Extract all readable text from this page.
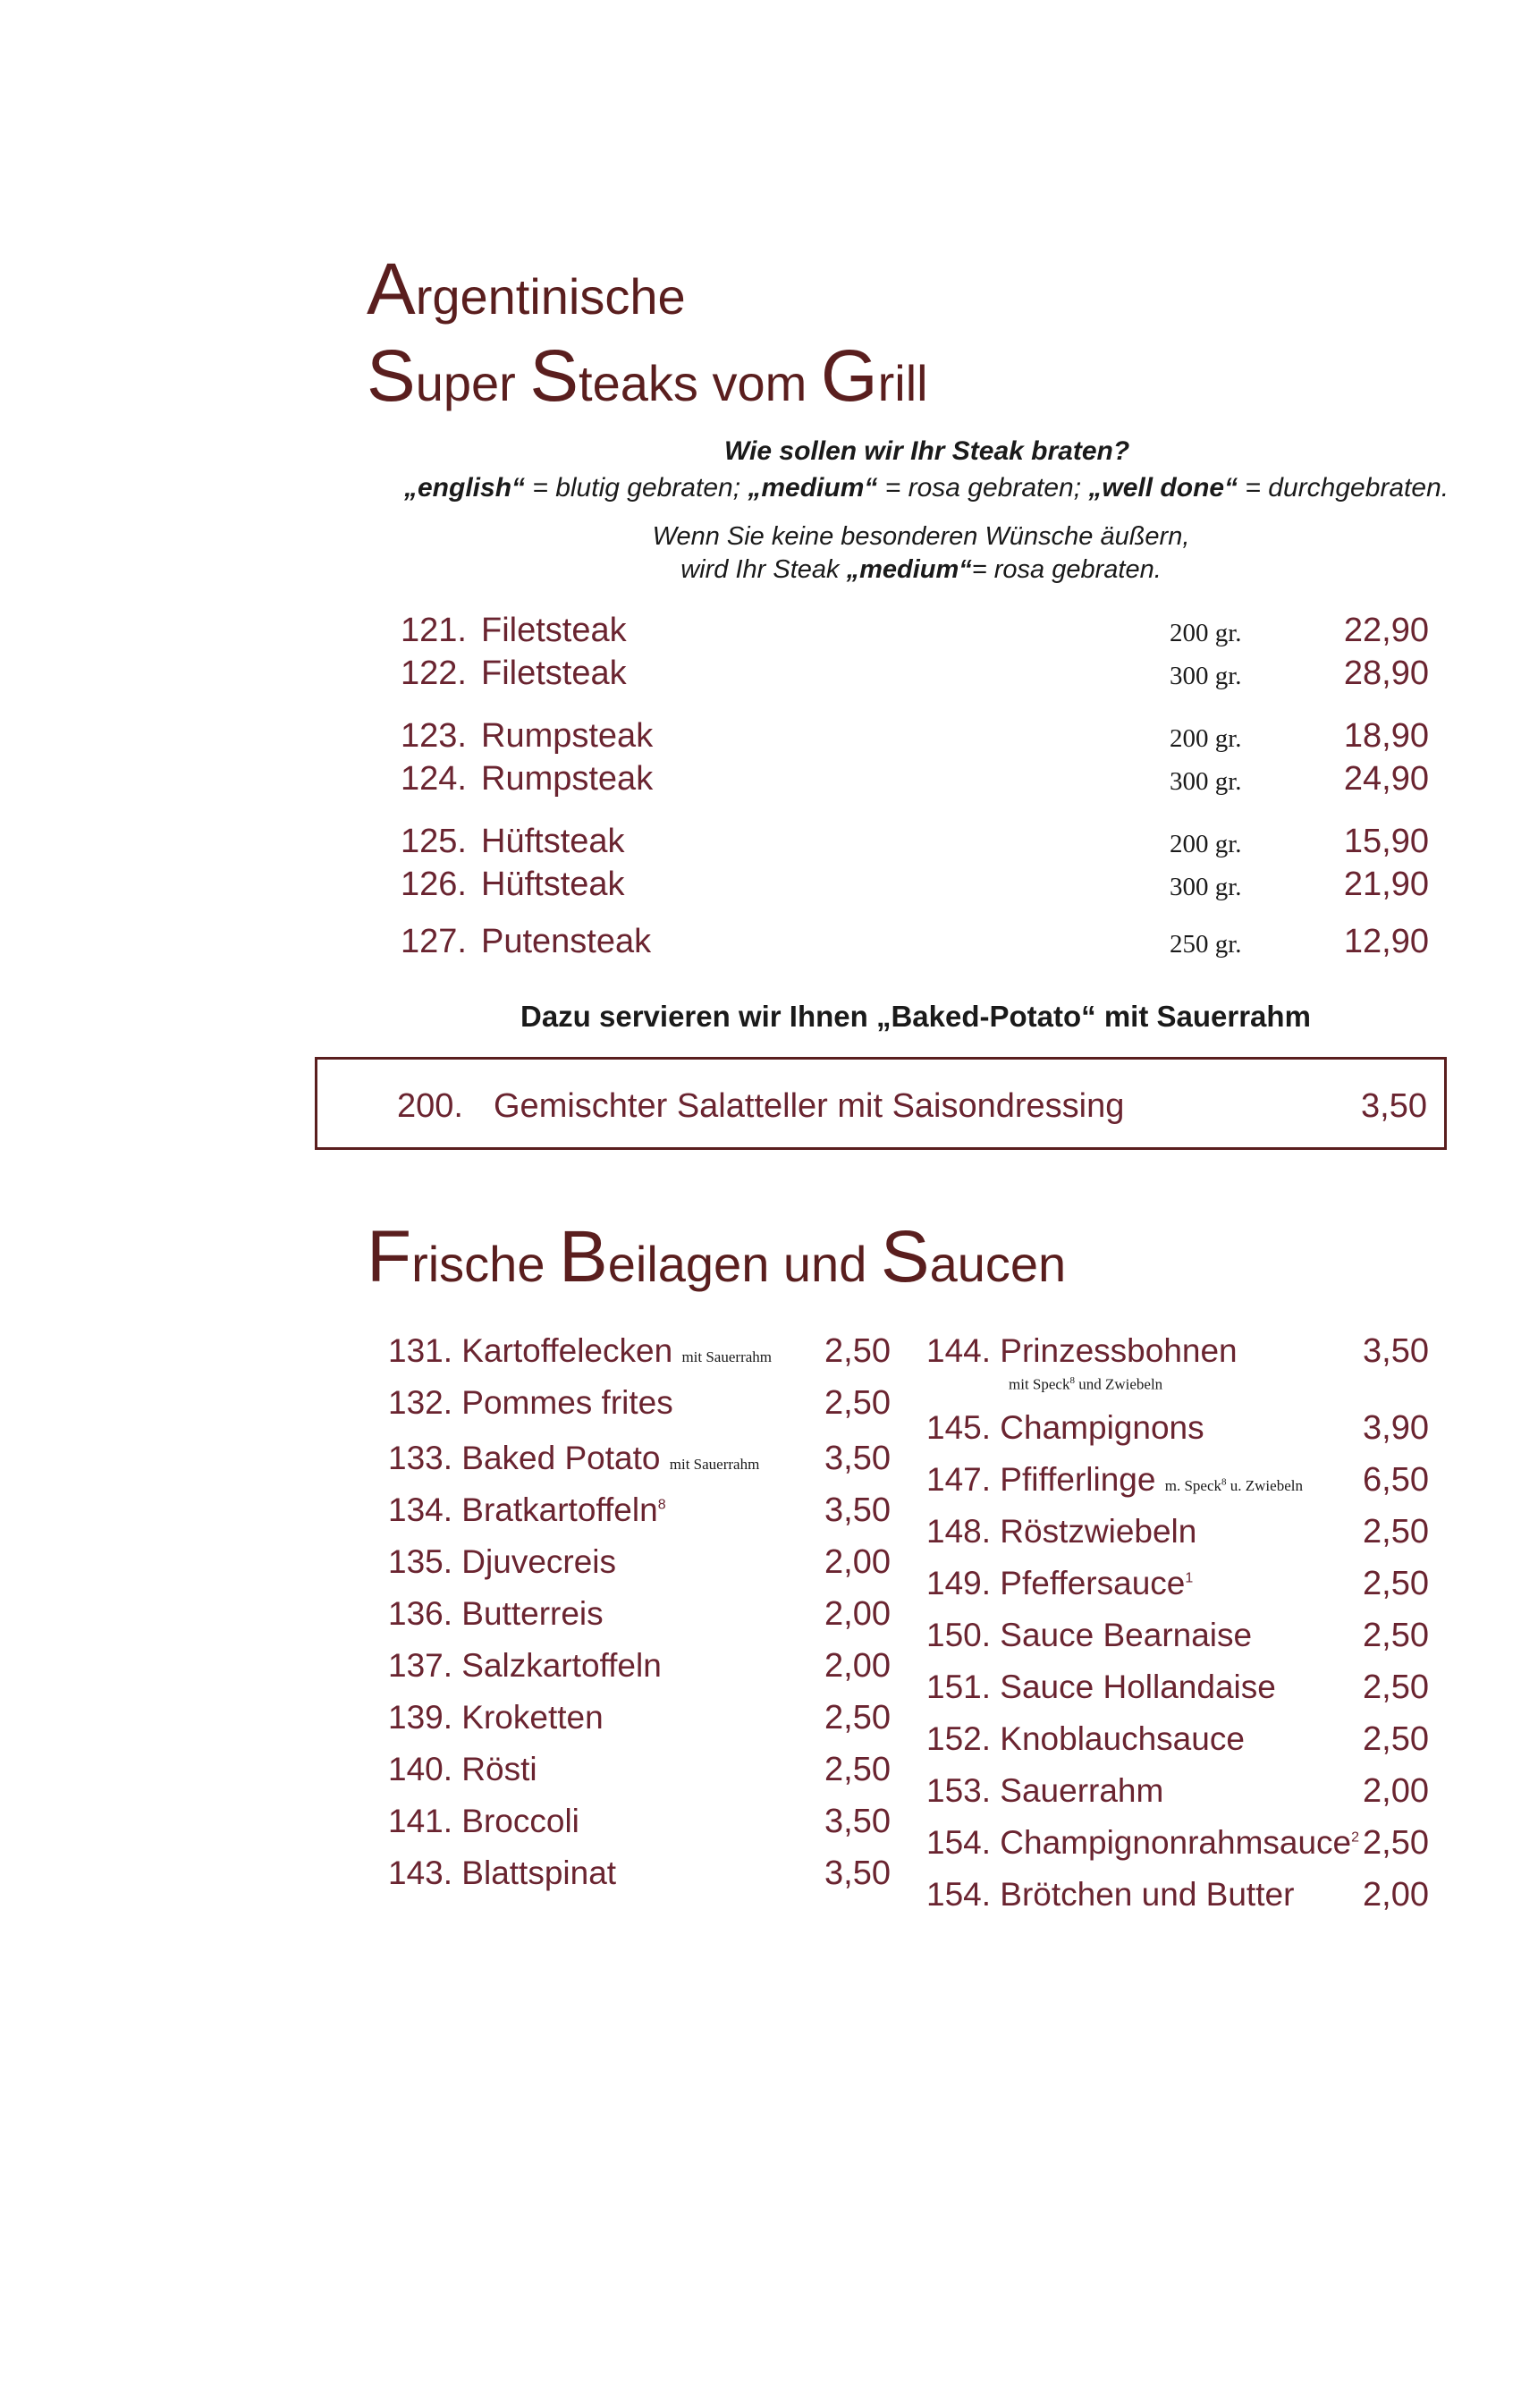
Argentinische
Super Steaks vom Grill
Wie sollen wir Ihr Steak braten?
„english“ = blutig gebraten; „medium“ = rosa gebraten; „well done“ = durchgebraten.
Wenn Sie keine besonderen Wünsche äußern,
wird Ihr Steak „medium“= rosa gebraten.
121. Filetsteak	200 gr.	22,90
122. Filetsteak	300 gr.	28,90
123. Rumpsteak	200 gr.	18,90
124. Rumpsteak	300 gr.	24,90
125. Hüftsteak	200 gr.	15,90
126. Hüftsteak	300 gr.	21,90
127. Putensteak	250 gr.	12,90
Dazu servieren wir Ihnen „Baked-Potato“ mit Sauerrahm
200. Gemischter Salatteller mit Saisondressing	3,50
Frische Beilagen und Saucen
131. Kartoffelecken mit Sauerrahm	2,50
132. Pommes frites	2,50
133. Baked Potato mit Sauerrahm	3,50
134. Bratkartoffeln$^8$	3,50
135. Djuvecreis	2,00
136. Butterreis	2,00
137. Salzkartoffeln	2,00
139. Kroketten	2,50
140. Rösti	2,50
141. Broccoli	3,50
143. Blattspinat	3,50
144. Prinzessbohnen	3,50
mit Speck$^8$ und Zwiebeln
145. Champignons	3,90
147. Pfifferlinge m. Speck$^8$ u. Zwiebeln	6,50
148. Röstzwiebeln	2,50
149. Pfeffersauce$^1$	2,50
150. Sauce Bearnaise	2,50
151. Sauce Hollandaise	2,50
152. Knoblauchsauce	2,50
153. Sauerrahm	2,00
154. Champignonrahmsauce$^2$ 2,50
154. Brötchen und Butter	2,00
